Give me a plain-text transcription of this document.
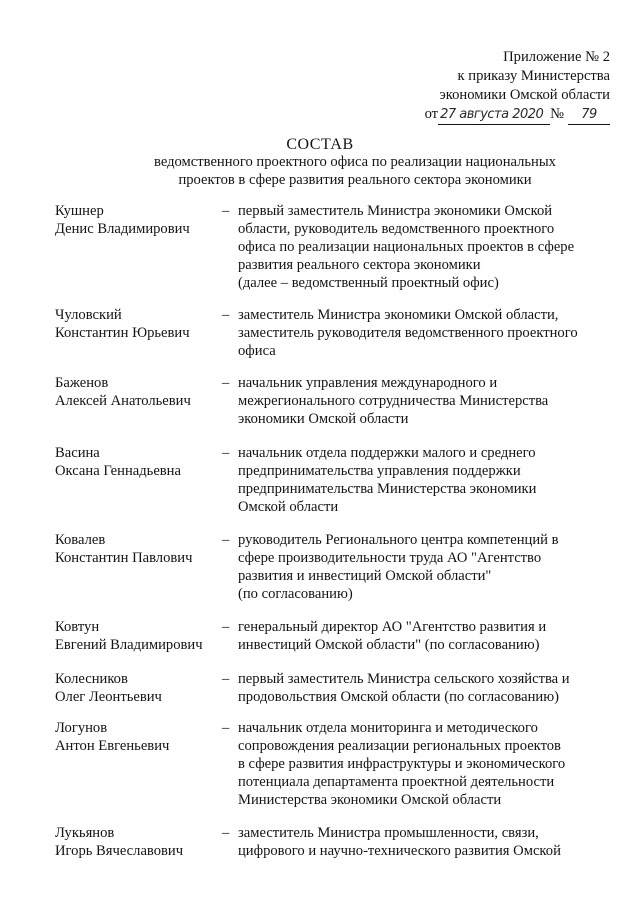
Приложение № 2
к приказу Министерства
экономики Омской области
от 27 августа 2020 № 79
СОСТАВ
ведомственного проектного офиса по реализации национальных проектов в сфере развития реального сектора экономики
Кушнер
Денис Владимирович
– первый заместитель Министра экономики Омской
области, руководитель ведомственного проектного
офиса по реализации национальных проектов в сфере
развития реального сектора экономики
(далее – ведомственный проектный офис)
Чуловский
Константин Юрьевич
– заместитель Министра экономики Омской области,
заместитель руководителя ведомственного проектного
офиса
Баженов
Алексей Анатольевич
– начальник управления международного и
межрегионального сотрудничества Министерства
экономики Омской области
Васина
Оксана Геннадьевна
– начальник отдела поддержки малого и среднего
предпринимательства управления поддержки
предпринимательства Министерства экономики
Омской области
Ковалев
Константин Павлович
– руководитель Регионального центра компетенций в
сфере производительности труда АО "Агентство
развития и инвестиций Омской области"
(по согласованию)
Ковтун
Евгений Владимирович
– генеральный директор АО "Агентство развития и
инвестиций Омской области" (по согласованию)
Колесников
Олег Леонтьевич
– первый заместитель Министра сельского хозяйства и
продовольствия Омской области (по согласованию)
Логунов
Антон Евгеньевич
– начальник отдела мониторинга и методического
сопровождения реализации региональных проектов
в сфере развития инфраструктуры и экономического
потенциала департамента проектной деятельности
Министерства экономики Омской области
Лукьянов
Игорь Вячеславович
– заместитель Министра промышленности, связи,
цифрового и научно-технического развития Омской
